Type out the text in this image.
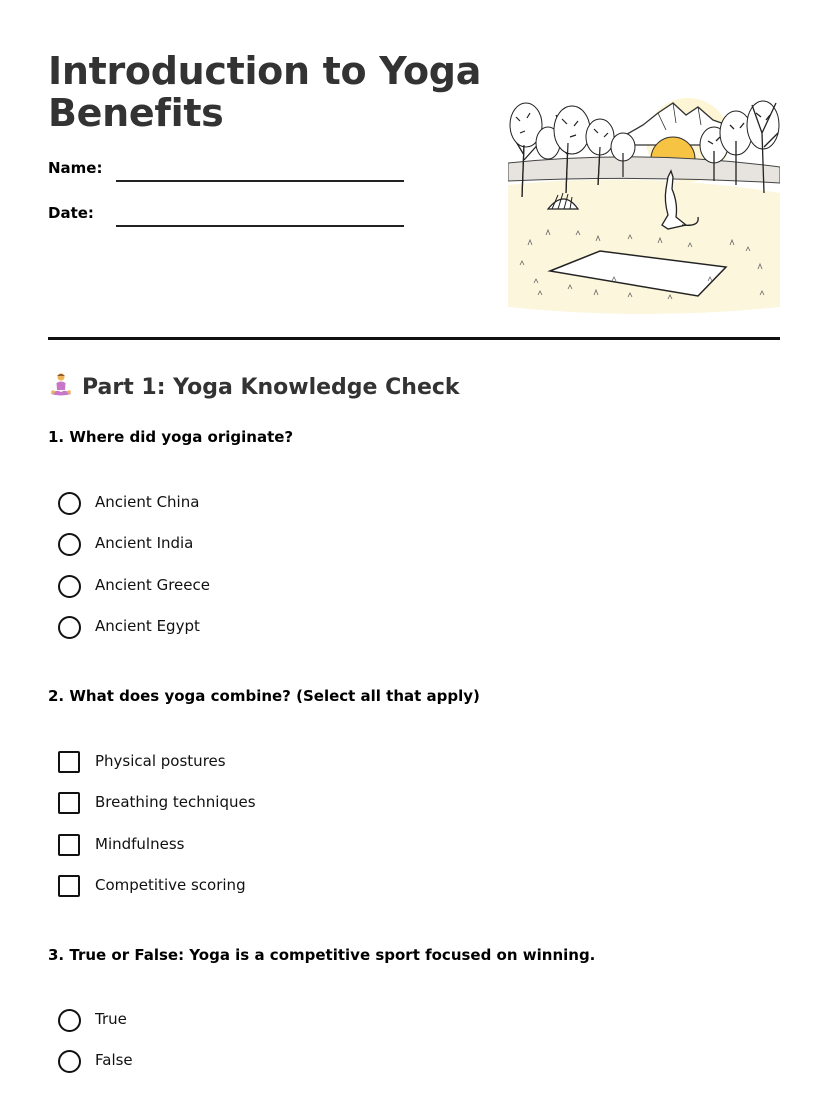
Introduction to Yoga
Benefits
Name:
Date:
Part 1: Yoga Knowledge Check
1. Where did yoga originate?
Ancient China
Ancient India
Ancient Greece
Ancient Egypt
2. What does yoga combine? (Select all that apply)
Physical postures
Breathing techniques
Mindfulness
Competitive scoring
3. True or False: Yoga is a competitive sport focused on winning.
True
False
